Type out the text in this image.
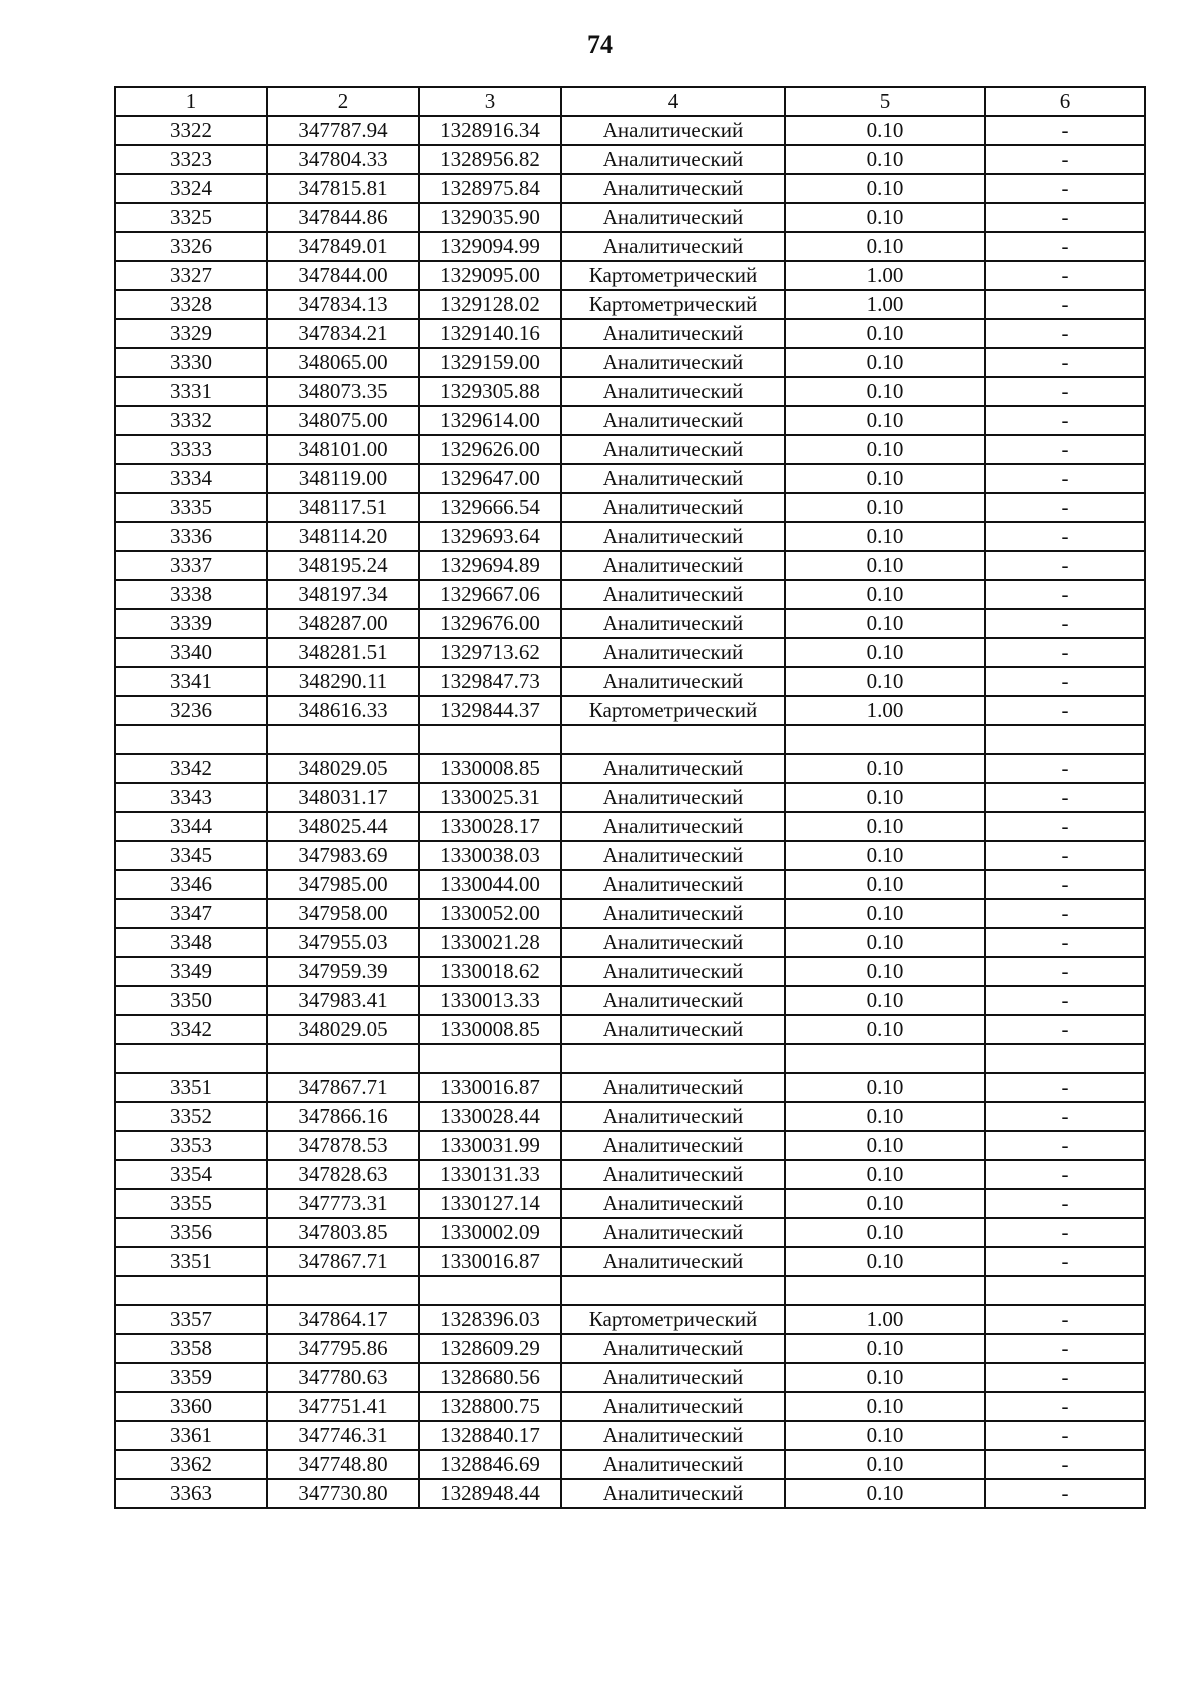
74
1	2	3	4	5	6
3322	347787.94	1328916.34	Аналитический	0.10	-
3323	347804.33	1328956.82	Аналитический	0.10	-
3324	347815.81	1328975.84	Аналитический	0.10	-
3325	347844.86	1329035.90	Аналитический	0.10	-
3326	347849.01	1329094.99	Аналитический	0.10	-
3327	347844.00	1329095.00	Картометрический	1.00	-
3328	347834.13	1329128.02	Картометрический	1.00	-
3329	347834.21	1329140.16	Аналитический	0.10	-
3330	348065.00	1329159.00	Аналитический	0.10	-
3331	348073.35	1329305.88	Аналитический	0.10	-
3332	348075.00	1329614.00	Аналитический	0.10	-
3333	348101.00	1329626.00	Аналитический	0.10	-
3334	348119.00	1329647.00	Аналитический	0.10	-
3335	348117.51	1329666.54	Аналитический	0.10	-
3336	348114.20	1329693.64	Аналитический	0.10	-
3337	348195.24	1329694.89	Аналитический	0.10	-
3338	348197.34	1329667.06	Аналитический	0.10	-
3339	348287.00	1329676.00	Аналитический	0.10	-
3340	348281.51	1329713.62	Аналитический	0.10	-
3341	348290.11	1329847.73	Аналитический	0.10	-
3236	348616.33	1329844.37	Картометрический	1.00	-

3342	348029.05	1330008.85	Аналитический	0.10	-
3343	348031.17	1330025.31	Аналитический	0.10	-
3344	348025.44	1330028.17	Аналитический	0.10	-
3345	347983.69	1330038.03	Аналитический	0.10	-
3346	347985.00	1330044.00	Аналитический	0.10	-
3347	347958.00	1330052.00	Аналитический	0.10	-
3348	347955.03	1330021.28	Аналитический	0.10	-
3349	347959.39	1330018.62	Аналитический	0.10	-
3350	347983.41	1330013.33	Аналитический	0.10	-
3342	348029.05	1330008.85	Аналитический	0.10	-

3351	347867.71	1330016.87	Аналитический	0.10	-
3352	347866.16	1330028.44	Аналитический	0.10	-
3353	347878.53	1330031.99	Аналитический	0.10	-
3354	347828.63	1330131.33	Аналитический	0.10	-
3355	347773.31	1330127.14	Аналитический	0.10	-
3356	347803.85	1330002.09	Аналитический	0.10	-
3351	347867.71	1330016.87	Аналитический	0.10	-

3357	347864.17	1328396.03	Картометрический	1.00	-
3358	347795.86	1328609.29	Аналитический	0.10	-
3359	347780.63	1328680.56	Аналитический	0.10	-
3360	347751.41	1328800.75	Аналитический	0.10	-
3361	347746.31	1328840.17	Аналитический	0.10	-
3362	347748.80	1328846.69	Аналитический	0.10	-
3363	347730.80	1328948.44	Аналитический	0.10	-
